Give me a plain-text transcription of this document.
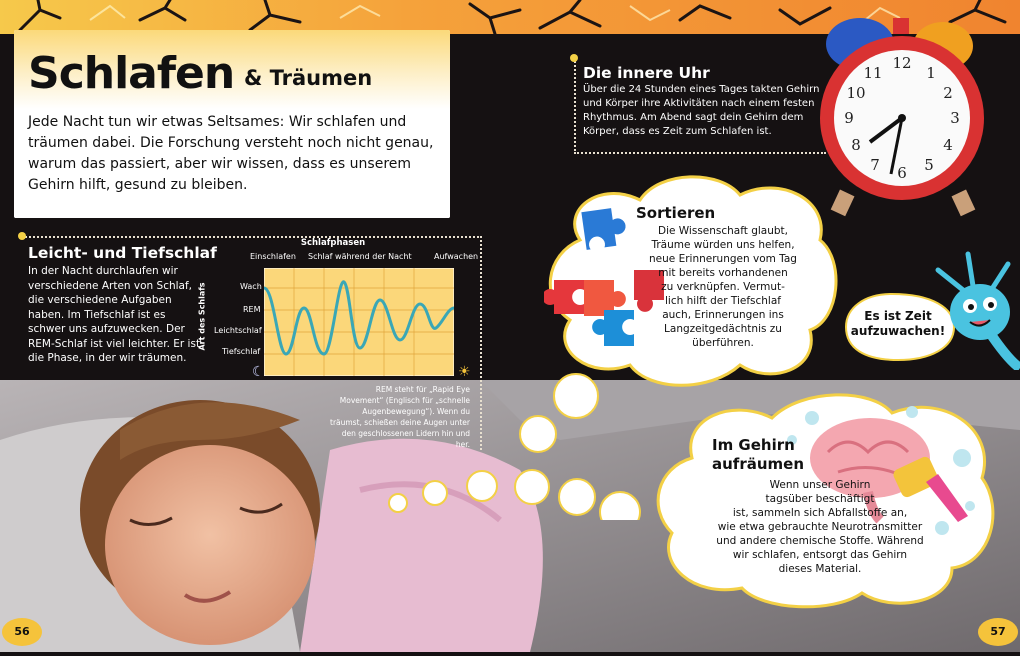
Schlafen & Träumen
Jede Nacht tun wir etwas Seltsames: Wir schlafen und träumen dabei. Die Forschung versteht noch nicht genau, warum das passiert, aber wir wissen, dass es unserem Gehirn hilft, gesund zu bleiben.
Leicht- und Tiefschlaf
In der Nacht durchlaufen wir verschiedene Arten von Schlaf, die verschiedene Aufgaben haben. Im Tiefschlaf ist es schwer uns aufzuwecken. Der REM-Schlaf ist viel leichter. Er ist die Phase, in der wir träumen.
Schlafphasen
Einschlafen Schlaf während der Nacht	Aufwachen
Art des Schlafs	Wach
REM
Leichtschlaf
Tiefschlaf
☾	☀
REM steht für „Rapid Eye Movement“ (Englisch für „schnelle Augenbewegung“). Wenn du träumst, schießen deine Augen unter den geschlossenen Lidern hin und her.
Die innere Uhr
Über die 24 Stunden eines Tages takten Gehirn und Körper ihre Aktivitäten nach einem festen Rhythmus. Am Abend sagt dein Gehirn dem Körper, dass es Zeit zum Schlafen ist.
12
3
6
9
1
2
4
5
7
8
10
11
Sortieren
Die Wissenschaft glaubt,
Träume würden uns helfen,
neue Erinnerungen vom Tag
mit bereits vorhandenen
zu verknüpfen. Vermut-
lich hilft der Tiefschlaf
auch, Erinnerungen ins
Langzeitgedächtnis zu
überführen.
Es ist Zeit
aufzuwachen!
Im Gehirn
aufräumen
Wenn unser Gehirn
tagsüber beschäftigt
ist, sammeln sich Abfallstoffe an,
wie etwa gebrauchte Neurotransmitter
und andere chemische Stoffe. Während
wir schlafen, entsorgt das Gehirn
dieses Material.
56	57
